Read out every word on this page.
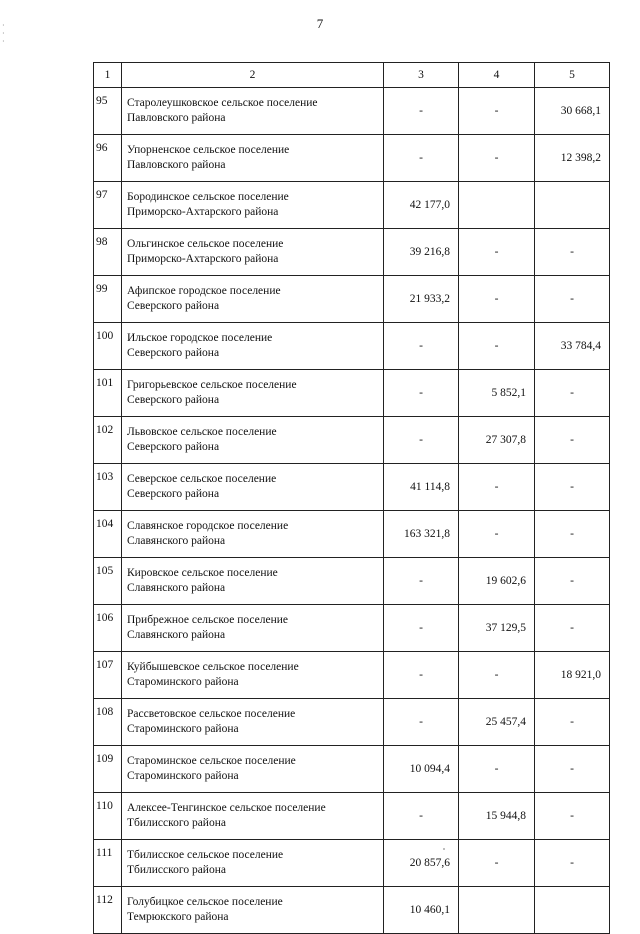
·
·
·
7
1	2	3	4	5
95	Старолеушковское сельское поселение
Павловского района	-	-	30 668,1
96	Упорненское сельское поселение
Павловского района	-	-	12 398,2
97	Бородинское сельское поселение
Приморско-Ахтарского района	42 177,0		
98	Ольгинское сельское поселение
Приморско-Ахтарского района	39 216,8	-	-
99	Афипское городское поселение
Северского района	21 933,2	-	-
100	Ильское городское поселение
Северского района	-	-	33 784,4
101	Григорьевское сельское поселение
Северского района	-	5 852,1	-
102	Львовское сельское поселение
Северского района	-	27 307,8	-
103	Северское сельское поселение
Северского района	41 114,8	-	-
104	Славянское городское поселение
Славянского района	163 321,8	-	-
105	Кировское сельское поселение
Славянского района	-	19 602,6	-
106	Прибрежное сельское поселение
Славянского района	-	37 129,5	-
107	Куйбышевское сельское поселение
Староминского района	-	-	18 921,0
108	Рассветовское сельское поселение
Староминского района	-	25 457,4	-
109	Староминское сельское поселение
Староминского района	10 094,4	-	-
110	Алексее-Тенгинское сельское поселение
Тбилисского района	-	15 944,8	-
111	Тбилисское сельское поселение
Тбилисского района	20 857,6	-	-
112	Голубицкое сельское поселение
Темрюкского района	10 460,1		
